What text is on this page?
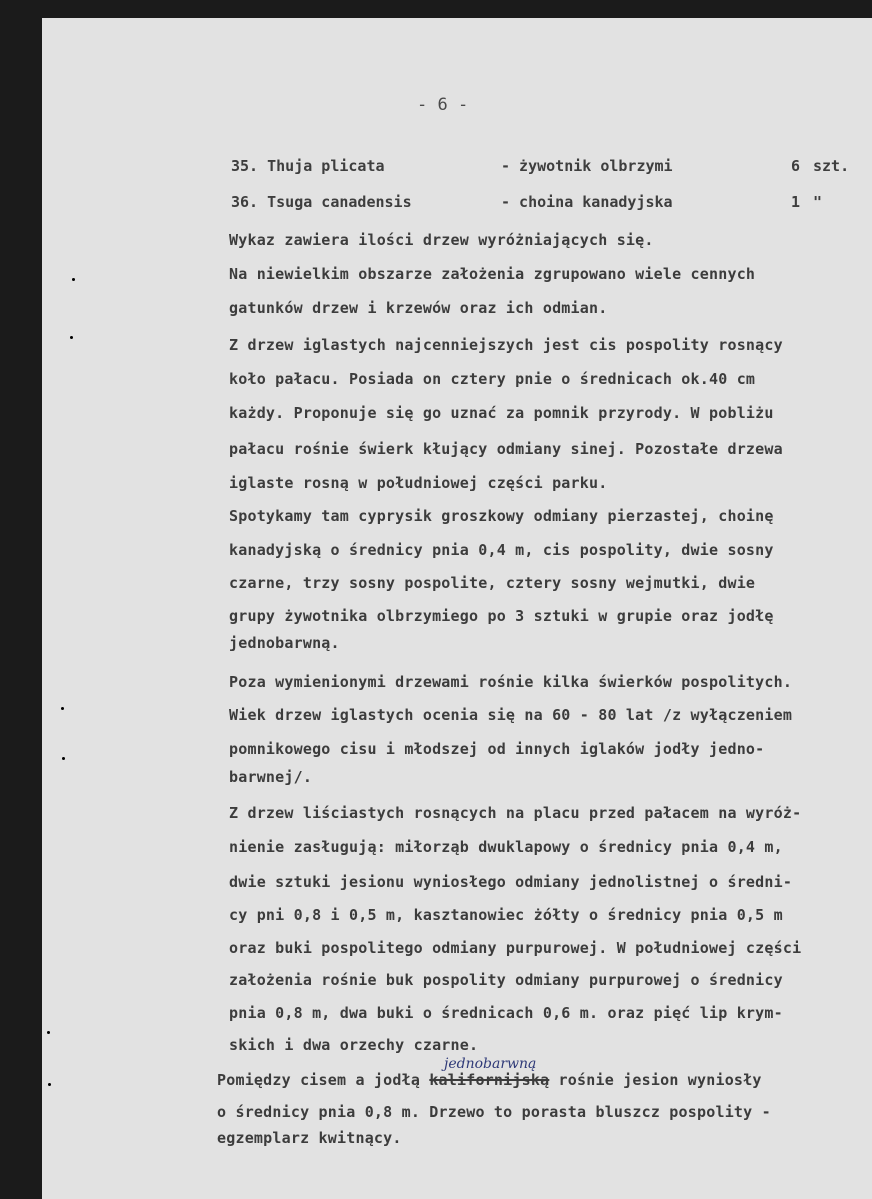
- 6 -
35. Thuja plicata	- żywotnik olbrzymi	6 szt.
36. Tsuga canadensis	- choina kanadyjska	1 "
Wykaz zawiera ilości drzew wyróżniających się.
Na niewielkim obszarze założenia zgrupowano wiele cennych
gatunków drzew i krzewów oraz ich odmian.
Z drzew iglastych najcenniejszych jest cis pospolity rosnący
koło pałacu. Posiada on cztery pnie o średnicach ok.40 cm
każdy. Proponuje się go uznać za pomnik przyrody. W pobliżu
pałacu rośnie świerk kłujący odmiany sinej. Pozostałe drzewa
iglaste rosną w południowej części parku.
Spotykamy tam cyprysik groszkowy odmiany pierzastej, choinę
kanadyjską o średnicy pnia 0,4 m, cis pospolity, dwie sosny
czarne, trzy sosny pospolite, cztery sosny wejmutki, dwie
grupy żywotnika olbrzymiego po 3 sztuki w grupie oraz jodłę
jednobarwną.
Poza wymienionymi drzewami rośnie kilka świerków pospolitych.
Wiek drzew iglastych ocenia się na 60 - 80 lat /z wyłączeniem
pomnikowego cisu i młodszej od innych iglaków jodły jedno-
barwnej/.
Z drzew liściastych rosnących na placu przed pałacem na wyróż-
nienie zasługują: miłorząb dwuklapowy o średnicy pnia 0,4 m,
dwie sztuki jesionu wyniosłego odmiany jednolistnej o średni-
cy pni 0,8 i 0,5 m, kasztanowiec żółty o średnicy pnia 0,5 m
oraz buki pospolitego odmiany purpurowej. W południowej części
założenia rośnie buk pospolity odmiany purpurowej o średnicy
pnia 0,8 m, dwa buki o średnicach 0,6 m. oraz pięć lip krym-
skich i dwa orzechy czarne.
jednobarwną
Pomiędzy cisem a jodłą kalifornijską rośnie jesion wyniosły
o średnicy pnia 0,8 m. Drzewo to porasta bluszcz pospolity -
egzemplarz kwitnący.
